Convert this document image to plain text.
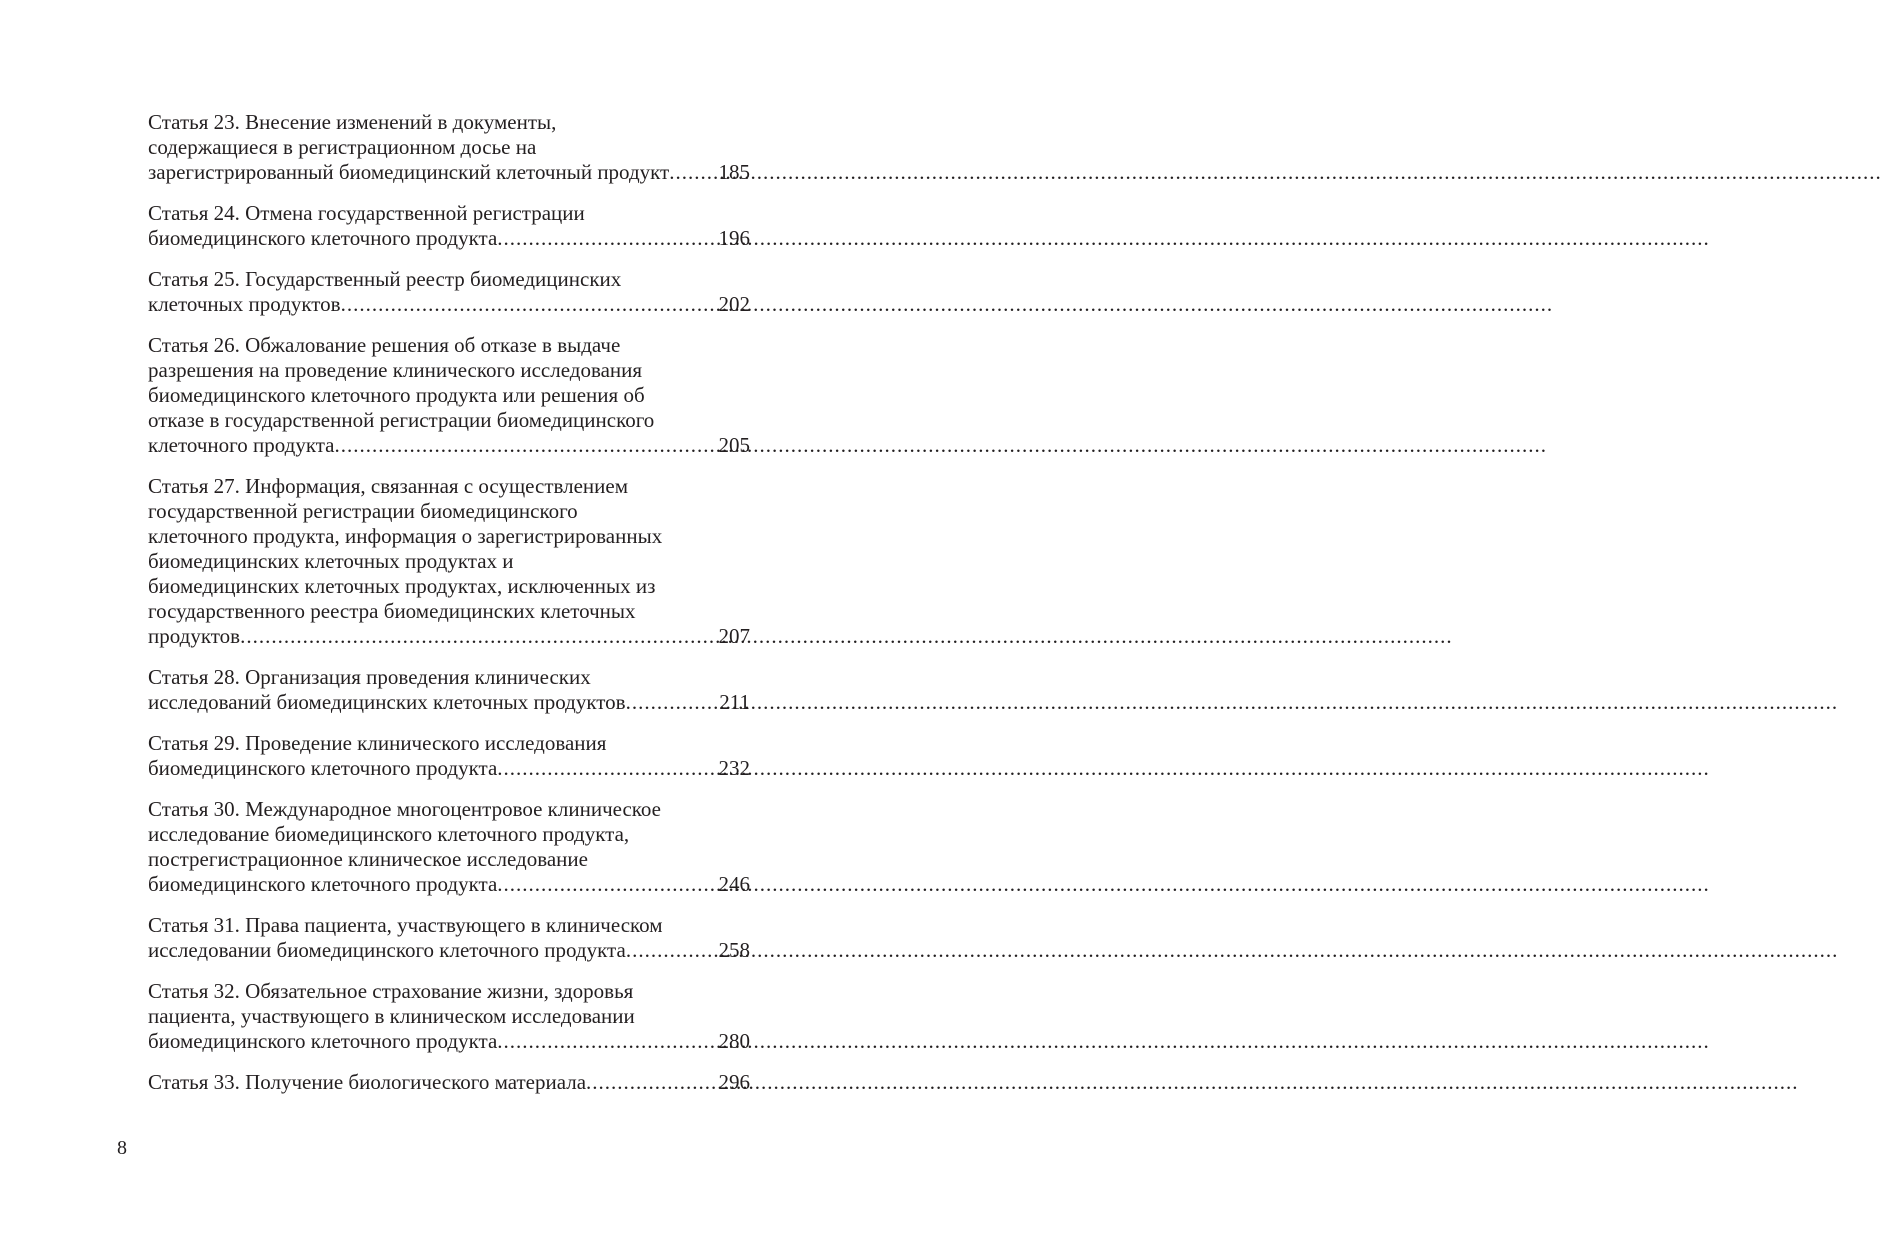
Статья 23. Внесение изменений в документы,
содержащиеся в регистрационном досье на
зарегистрированный биомедицинский клеточный продукт ..... 185
Статья 24. Отмена государственной регистрации
биомедицинского клеточного продукта .....	196
Статья 25. Государственный реестр биомедицинских
клеточных продуктов .....	202
Статья 26. Обжалование решения об отказе в выдаче
разрешения на проведение клинического исследования
биомедицинского клеточного продукта или решения об
отказе в государственной регистрации биомедицинского
клеточного продукта .....	205
Статья 27. Информация, связанная с осуществлением
государственной регистрации биомедицинского
клеточного продукта, информация о зарегистрированных
биомедицинских клеточных продуктах и
биомедицинских клеточных продуктах, исключенных из
государственного реестра биомедицинских клеточных
продуктов .....	207
Статья 28. Организация проведения клинических
исследований биомедицинских клеточных продуктов .....	211
Статья 29. Проведение клинического исследования
биомедицинского клеточного продукта .....	232
Статья 30. Международное многоцентровое клиническое
исследование биомедицинского клеточного продукта,
пострегистрационное клиническое исследование
биомедицинского клеточного продукта .....	246
Статья 31. Права пациента, участвующего в клиническом
исследовании биомедицинского клеточного продукта .....	258
Статья 32. Обязательное страхование жизни, здоровья
пациента, участвующего в клиническом исследовании
биомедицинского клеточного продукта .....	280
Статья 33. Получение биологического материала .....	296
8
